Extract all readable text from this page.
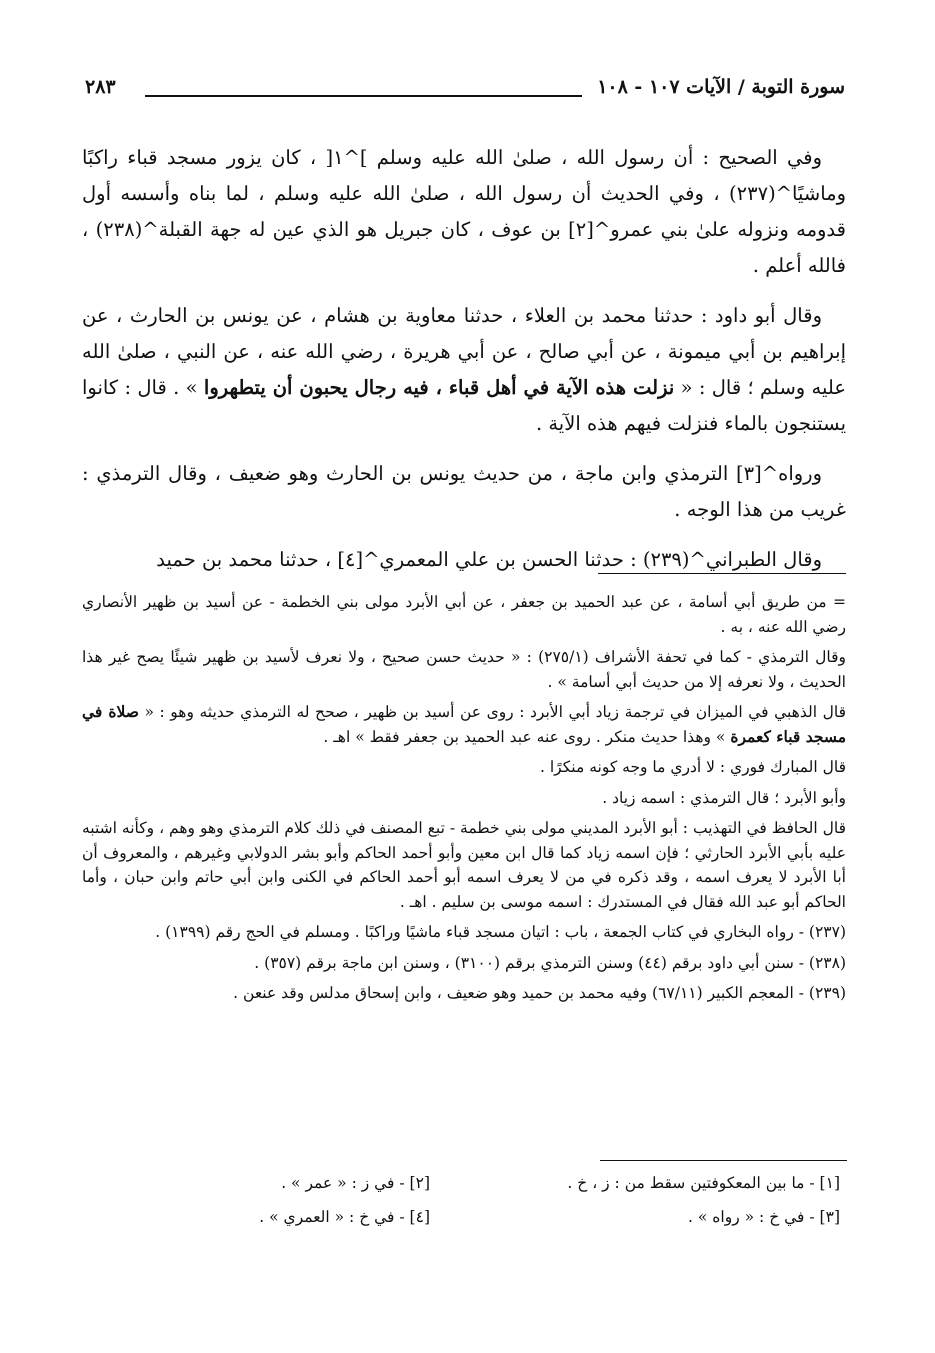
سورة التوبة / الآيات ١٠٧ - ١٠٨
٢٨٣

وفي الصحيح : أن رسول الله ، صلىٰ الله عليه وسلم ]^١[ ، كان يزور مسجد قباء راكبًا وماشيًا^(٢٣٧) ، وفي الحديث أن رسول الله ، صلىٰ الله عليه وسلم ، لما بناه وأسسه أول قدومه ونزوله علىٰ بني عمرو^[٢] بن عوف ، كان جبريل هو الذي عين له جهة القبلة^(٢٣٨) ، فالله أعلم .

وقال أبو داود : حدثنا محمد بن العلاء ، حدثنا معاوية بن هشام ، عن يونس بن الحارث ، عن إبراهيم بن أبي ميمونة ، عن أبي صالح ، عن أبي هريرة ، رضي الله عنه ، عن النبي ، صلىٰ الله عليه وسلم ؛ قال : « نزلت هذه الآية في أهل قباء ، فيه رجال يحبون أن يتطهروا » . قال : كانوا يستنجون بالماء فنزلت فيهم هذه الآية .

ورواه^[٣] الترمذي وابن ماجة ، من حديث يونس بن الحارث وهو ضعيف ، وقال الترمذي : غريب من هذا الوجه .

وقال الطبراني^(٢٣٩) : حدثنا الحسن بن علي المعمري^[٤] ، حدثنا محمد بن حميد

= من طريق أبي أسامة ، عن عبد الحميد بن جعفر ، عن أبي الأبرد مولى بني الخطمة - عن أسيد بن ظهير الأنصاري رضي الله عنه ، به .

وقال الترمذي - كما في تحفة الأشراف (٢٧٥/١) : « حديث حسن صحيح ، ولا نعرف لأسيد بن ظهير شيئًا يصح غير هذا الحديث ، ولا نعرفه إلا من حديث أبي أسامة » .

قال الذهبي في الميزان في ترجمة زياد أبي الأبرد : روى عن أسيد بن ظهير ، صحح له الترمذي حديثه وهو : « صلاة في مسجد قباء كعمرة » وهذا حديث منكر . روى عنه عبد الحميد بن جعفر فقط » اهـ .

قال المبارك فوري : لا أدري ما وجه كونه منكرًا .

وأبو الأبرد ؛ قال الترمذي : اسمه زياد .

قال الحافظ في التهذيب : أبو الأبرد المديني مولى بني خطمة - تبع المصنف في ذلك كلام الترمذي وهو وهم ، وكأنه اشتبه عليه بأبي الأبرد الحارثي ؛ فإن اسمه زياد كما قال ابن معين وأبو أحمد الحاكم وأبو بشر الدولابي وغيرهم ، والمعروف أن أبا الأبرد لا يعرف اسمه ، وقد ذكره في من لا يعرف اسمه أبو أحمد الحاكم في الكنى وابن أبي حاتم وابن حبان ، وأما الحاكم أبو عبد الله فقال في المستدرك : اسمه موسى بن سليم . اهـ .

(٢٣٧) - رواه البخاري في كتاب الجمعة ، باب : اتيان مسجد قباء ماشيًا وراكبًا . ومسلم في الحج رقم (١٣٩٩) .

(٢٣٨) - سنن أبي داود برقم (٤٤) وسنن الترمذي برقم (٣١٠٠) ، وسنن ابن ماجة برقم (٣٥٧) .

(٢٣٩) - المعجم الكبير (٦٧/١١) وفيه محمد بن حميد وهو ضعيف ، وابن إسحاق مدلس وقد عنعن .

[١] - ما بين المعكوفتين سقط من : ز ، خ .
[٢] - في ز : « عمر » .
[٣] - في خ : « رواه » .
[٤] - في خ : « العمري » .
